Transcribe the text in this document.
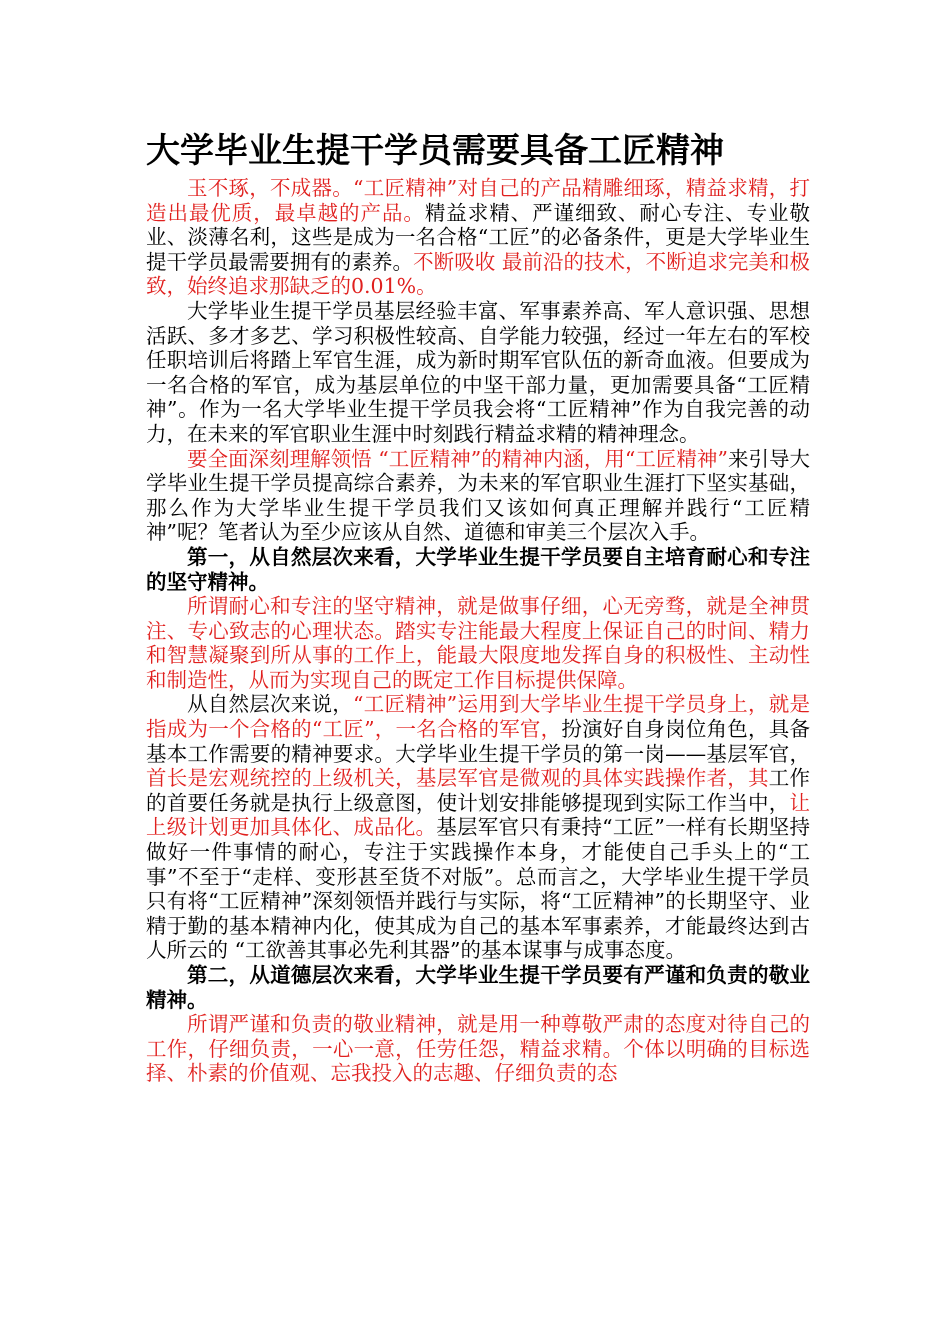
大学毕业生提干学员需要具备工匠精神

玉不琢，不成器。“工匠精神”对自己的产品精雕细琢，精益求精，打造出最优质，最卓越的产品。精益求精、严谨细致、耐心专注、专业敬业、淡薄名利，这些是成为一名合格“工匠”的必备条件，更是大学毕业生提干学员最需要拥有的素养。不断吸收 最前沿的技术，不断追求完美和极致，始终追求那缺乏的0.01%。

大学毕业生提干学员基层经验丰富、军事素养高、军人意识强、思想活跃、多才多艺、学习积极性较高、自学能力较强，经过一年左右的军校任职培训后将踏上军官生涯，成为新时期军官队伍的新奇血液。但要成为一名合格的军官，成为基层单位的中坚干部力量，更加需要具备“工匠精神”。作为一名大学毕业生提干学员我会将“工匠精神”作为自我完善的动力，在未来的军官职业生涯中时刻践行精益求精的精神理念。

要全面深刻理解领悟 “工匠精神”的精神内涵，用“工匠精神”来引导大学毕业生提干学员提高综合素养，为未来的军官职业生涯打下坚实基础，那么作为大学毕业生提干学员我们又该如何真正理解并践行“工匠精神”呢？笔者认为至少应该从自然、道德和审美三个层次入手。

第一，从自然层次来看，大学毕业生提干学员要自主培育耐心和专注的坚守精神。

所谓耐心和专注的坚守精神，就是做事仔细，心无旁骛，就是全神贯注、专心致志的心理状态。踏实专注能最大程度上保证自己的时间、精力和智慧凝聚到所从事的工作上，能最大限度地发挥自身的积极性、主动性和制造性，从而为实现自己的既定工作目标提供保障。

从自然层次来说，“工匠精神”运用到大学毕业生提干学员身上，就是指成为一个合格的“工匠”，一名合格的军官，扮演好自身岗位角色，具备基本工作需要的精神要求。大学毕业生提干学员的第一岗——基层军官，首长是宏观统控的上级机关，基层军官是微观的具体实践操作者，其工作的首要任务就是执行上级意图，使计划安排能够提现到实际工作当中，让上级计划更加具体化、成品化。基层军官只有秉持“工匠”一样有长期坚持做好一件事情的耐心，专注于实践操作本身，才能使自己手头上的“工事”不至于“走样、变形甚至货不对版”。总而言之，大学毕业生提干学员只有将“工匠精神”深刻领悟并践行与实际，将“工匠精神”的长期坚守、业精于勤的基本精神内化，使其成为自己的基本军事素养，才能最终达到古人所云的 “工欲善其事必先利其器”的基本谋事与成事态度。

第二，从道德层次来看，大学毕业生提干学员要有严谨和负责的敬业精神。

所谓严谨和负责的敬业精神，就是用一种尊敬严肃的态度对待自己的工作，仔细负责，一心一意，任劳任怨，精益求精。个体以明确的目标选择、朴素的价值观、忘我投入的志趣、仔细负责的态
